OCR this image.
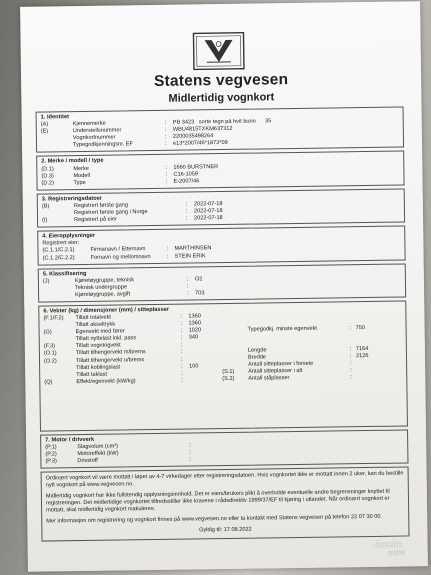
Statens vegvesen
Midlertidig vognkort
1. Identitet
(A)	Kjennemerke	:	PB 3423 sorte tegn på hvit bunn 35
(E)	Understellsnummer	:	WBU4815TXKM637312
Vognkortnummer	:	2200035498264
Typegodkjenningsnr. EF	:	e13*2007/46*1873*09
2. Merke / modell / type
(D.1)	Merke	:	1660 BURSTNER
(D.3)	Modell	:	C16-1059
(D.2)	Type	:	E-2007/46
3. Registreringsdatoer
(B)	Registrert første gang	:	2022-07-18
Registrert første gang i Norge	:	2022-07-18
(I)	Registrert på eier	:	2022-07-18
4. Eieropplysninger
Registrert eier:
(C.1.1/C.2.1)	Firmanavn / Etternavn	:	MARTHINSEN
(C.1.2/C.2.2)	Fornavn og mellomnavn	:	STEIN ERIK
5. Klassifisering
(J)	Kjøretøygruppe, teknisk	:	O2
Teknisk undergruppe	:
Kjøretøygruppe, avgift	:	703
6. Vekter (kg) / dimensjoner (mm) / sitteplasser
(F.1/F.2)	Tillatt totalvekt	:	1360
Tillatt akseltrykk	:	1360
(G)	Egenvekt med fører	:	1020
Tillatt nyttelast inkl. pass	:	340
(F.3)	Tillatt vogntogvekt	:
(O.1)	Tillatt tilhengervekt m/brems	:
(O.2)	Tillatt tilhengervekt u/brems	:
Tillatt koblingslast	:	100
Tillatt taklast	:
(Q)	Effekt/egenvekt (kW/kg)	:
Typegodkj. minste egenvekt	: 750
Lengde	: 7164
Bredde	: 2126
Antall sitteplasser i forsete	:
(S.1)	Antall sitteplasser i alt	:
(S.2)	Antall ståplasser	:
7. Motor / drivverk
(P.1)	Slagvolum (cm³)	:
(P.2)	Motoreffekt (kW)	:
(P.3)	Drivstoff	:

Ordinært vognkort vil være mottatt i løpet av 4-7 virkedager etter registreringsdatoen. Hvis vognkortet ikke er mottatt innen 2 uker, kan du bestille nytt vognkort på www.vegvesen.no.

Midlertidig vognkort har ikke fullstendig opplysningsinnhold. Det er eiers/brukers plikt å overholde eventuelle andre begrensninger knyttet til registreringen. Det midlertidige vognkortet tilfredsstiller ikke kravene i rådsdirektiv 1999/37/EF til kjøring i utlandet. Når ordinært vognkort er mottatt, skal midlertidig vognkort makuleres.

Mer informasjon om registrering og vognkort finnes på www.vegvesen.no eller ta kontakt med Statens vegvesen på telefon 22 07 30 00.

Gyldig til: 17.08.2022
Esselte
54570
